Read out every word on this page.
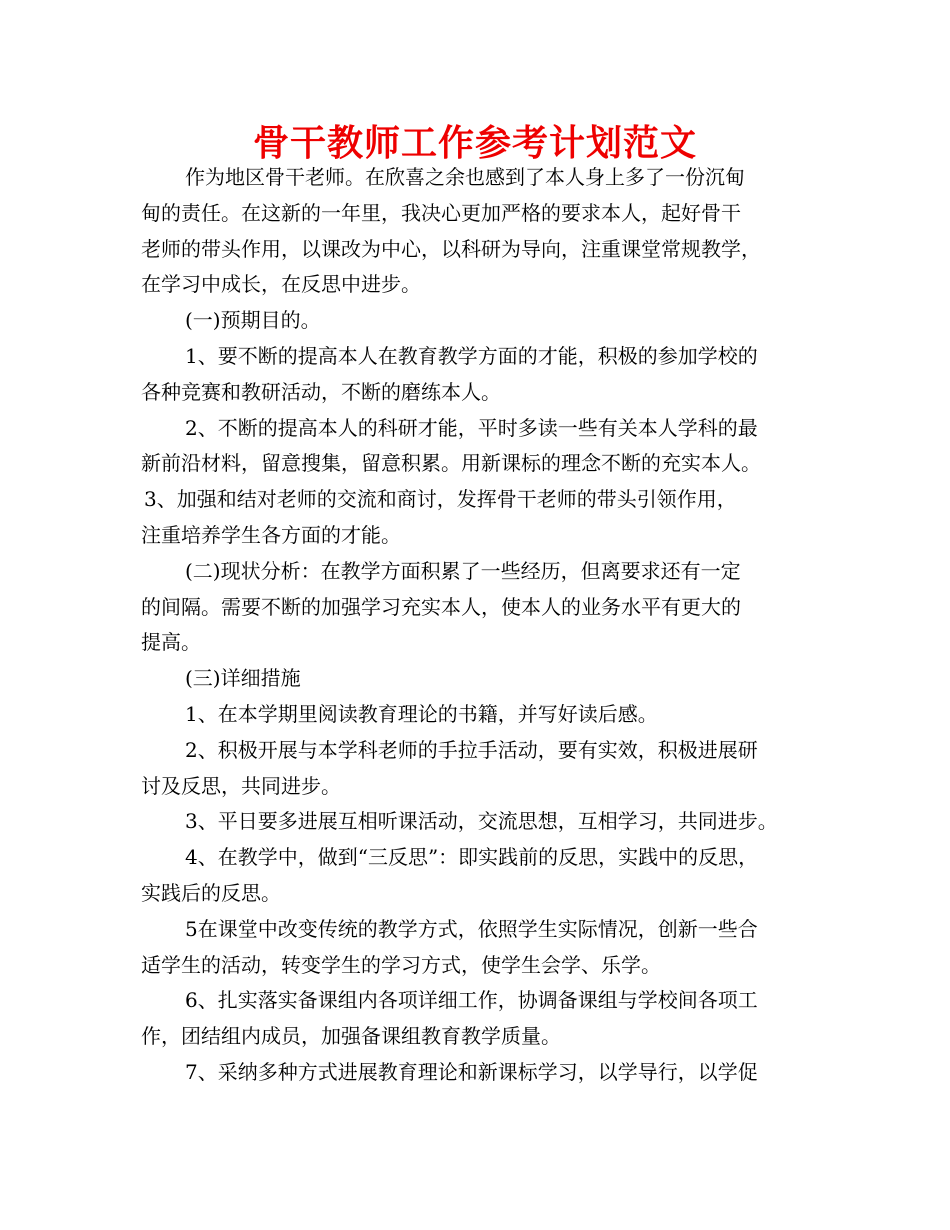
骨干教师工作参考计划范文
作为地区骨干老师。在欣喜之余也感到了本人身上多了一份沉甸
甸的责任。在这新的一年里，我决心更加严格的要求本人，起好骨干
老师的带头作用，以课改为中心，以科研为导向，注重课堂常规教学，
在学习中成长，在反思中进步。
(一)预期目的。
1、要不断的提高本人在教育教学方面的才能，积极的参加学校的
各种竞赛和教研活动，不断的磨练本人。
2、不断的提高本人的科研才能，平时多读一些有关本人学科的最
新前沿材料，留意搜集，留意积累。用新课标的理念不断的充实本人。
3、加强和结对老师的交流和商讨，发挥骨干老师的带头引领作用，
注重培养学生各方面的才能。
(二)现状分析：在教学方面积累了一些经历，但离要求还有一定
的间隔。需要不断的加强学习充实本人，使本人的业务水平有更大的
提高。
(三)详细措施
1、在本学期里阅读教育理论的书籍，并写好读后感。
2、积极开展与本学科老师的手拉手活动，要有实效，积极进展研
讨及反思，共同进步。
3、平日要多进展互相听课活动，交流思想，互相学习，共同进步。
4、在教学中，做到“三反思”：即实践前的反思，实践中的反思，
实践后的反思。
5在课堂中改变传统的教学方式，依照学生实际情况，创新一些合
适学生的活动，转变学生的学习方式，使学生会学、乐学。
6、扎实落实备课组内各项详细工作，协调备课组与学校间各项工
作，团结组内成员，加强备课组教育教学质量。
7、采纳多种方式进展教育理论和新课标学习，以学导行，以学促
